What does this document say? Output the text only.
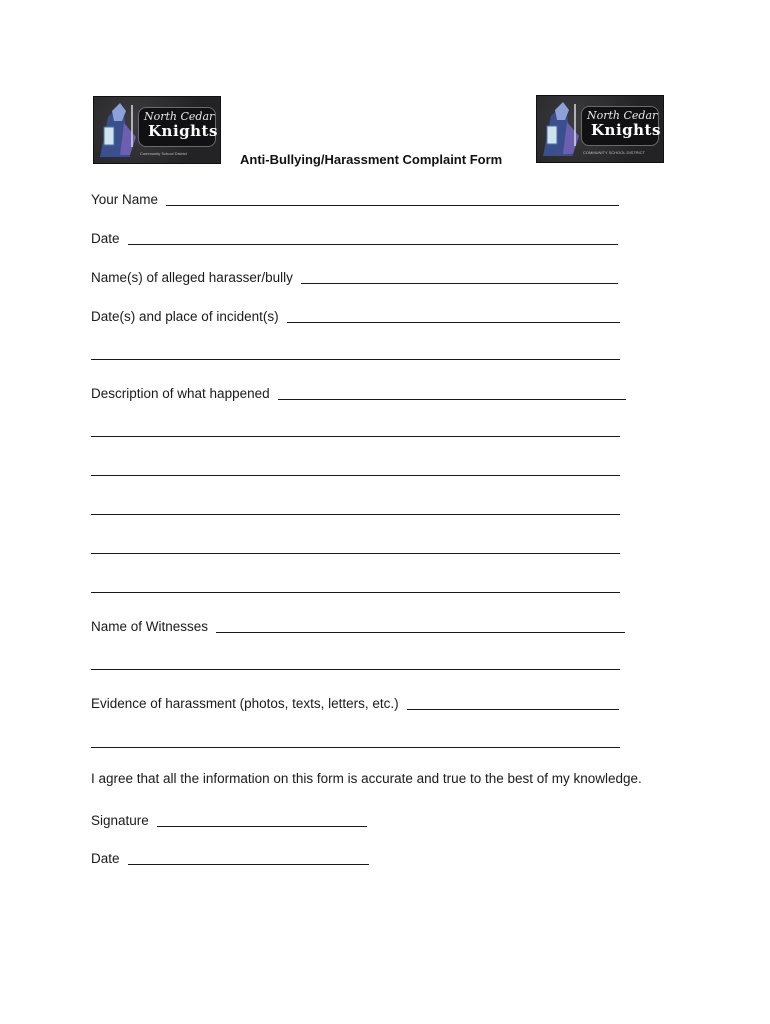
North Cedar
Knights
Community School District
North Cedar
Knights
COMMUNITY SCHOOL DISTRICT
Anti-Bullying/Harassment Complaint Form
Your Name
Date
Name(s) of alleged harasser/bully
Date(s) and place of incident(s)
Description of what happened
Name of Witnesses
Evidence of harassment (photos, texts, letters, etc.)
I agree that all the information on this form is accurate and true to the best of my knowledge.
Signature
Date
